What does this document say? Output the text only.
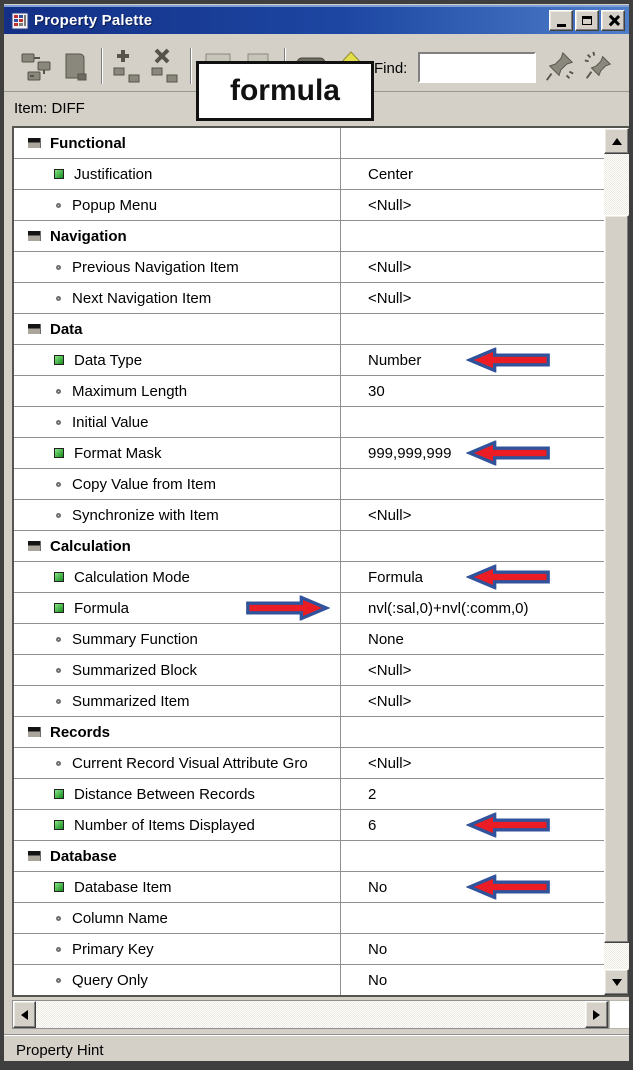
Property Palette
Find:
Item: DIFF
formula
Functional
Justification	Center
Popup Menu	<Null>
Navigation
Previous Navigation Item	<Null>
Next Navigation Item	<Null>
Data
Data Type	Number
Maximum Length	30
Initial Value
Format Mask	999,999,999
Copy Value from Item
Synchronize with Item	<Null>
Calculation
Calculation Mode	Formula
Formula	nvl(:sal,0)+nvl(:comm,0)
Summary Function	None
Summarized Block	<Null>
Summarized Item	<Null>
Records
Current Record Visual Attribute Gro	<Null>
Distance Between Records	2
Number of Items Displayed	6
Database
Database Item	No
Column Name
Primary Key	No
Query Only	No
Property Hint
